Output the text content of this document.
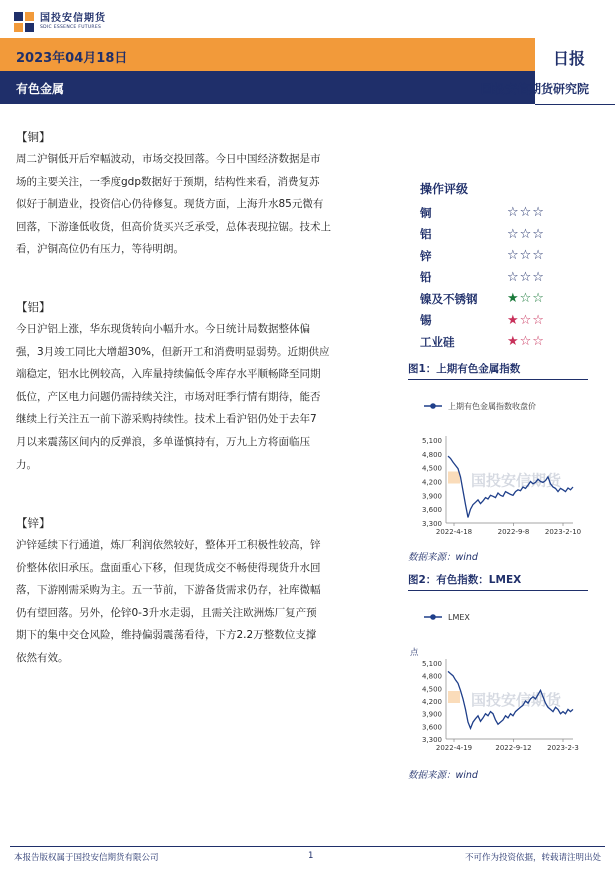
国投安信期货
SDIC ESSENCE FUTURES
2023年04月18日	日报
有色金属	国投安信期货研究院
【铜】
周二沪铜低开后窄幅波动，市场交投回落。今日中国经济数据是市
场的主要关注，一季度gdp数据好于预期，结构性来看，消费复苏
似好于制造业，投资信心仍待修复。现货方面，上海升水85元微有
回落，下游逢低收货，但高价货买兴乏承受，总体表现拉锯。技术上
看，沪铜高位仍有压力，等待明朗。
【铝】
今日沪铝上涨，华东现货转向小幅升水。今日统计局数据整体偏
强，3月竣工同比大增超30%，但新开工和消费明显弱势。近期供应
端稳定，铝水比例较高，入库量持续偏低令库存水平顺畅降至同期
低位，产区电力问题仍需持续关注，市场对旺季行情有期待，能否
继续上行关注五一前下游采购持续性。技术上看沪铝仍处于去年7
月以来震荡区间内的反弹浪，多单谨慎持有，万九上方将面临压
力。
【锌】
沪锌延续下行通道，炼厂利润依然较好，整体开工积极性较高，锌
价整体依旧承压。盘面重心下移，但现货成交不畅使得现货升水回
落，下游刚需采购为主。五一节前，下游备货需求仍存，社库微幅
仍有望回落。另外，伦锌0-3升水走弱，且需关注欧洲炼厂复产预
期下的集中交仓风险，维持偏弱震荡看待，下方2.2万整数位支撑
依然有效。
操作评级
铜	☆☆☆
铝	☆☆☆
锌	☆☆☆
铅	☆☆☆
镍及不锈钢	★☆☆
锡	★☆☆
工业硅	★☆☆
图1：上期有色金属指数
上期有色金属指数收盘价
国投安信期货
5,100
4,800
4,500
4,200
3,900
3,600
3,300
2022-4-18	2022-9-8 2023-2-10
数据来源：wind
图2：有色指数：LMEX
LMEX
点
国投安信期货
5,100
4,800
4,500
4,200
3,900
3,600
3,300
2022-4-19	2022-9-12 2023-2-3
数据来源：wind
本报告版权属于国投安信期货有限公司	1	不可作为投资依据，转载请注明出处
